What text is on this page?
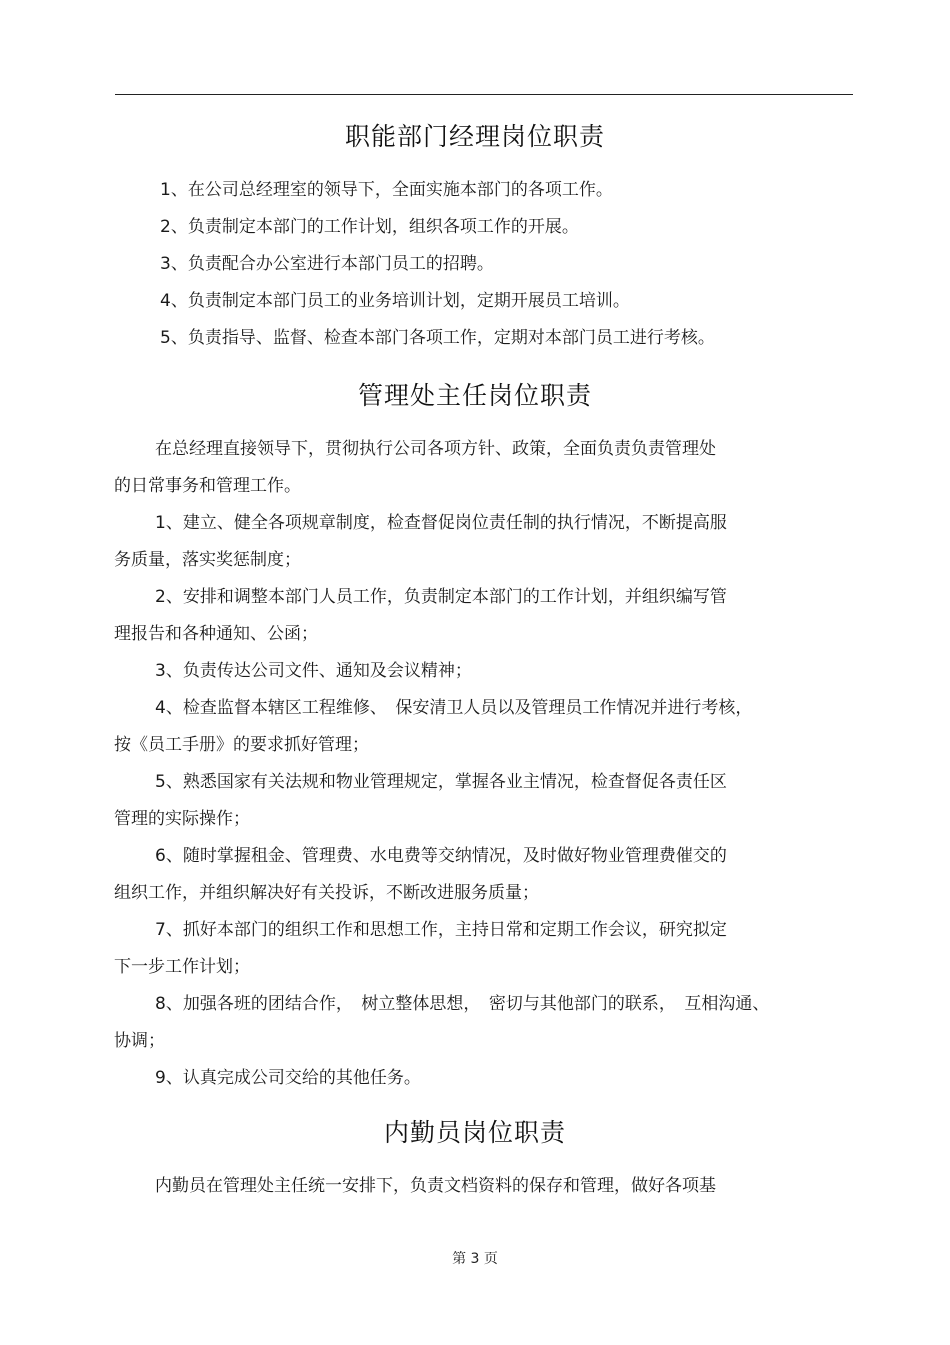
职能部门经理岗位职责
1、在公司总经理室的领导下，全面实施本部门的各项工作。
2、负责制定本部门的工作计划，组织各项工作的开展。
3、负责配合办公室进行本部门员工的招聘。
4、负责制定本部门员工的业务培训计划，定期开展员工培训。
5、负责指导、监督、检查本部门各项工作，定期对本部门员工进行考核。
管理处主任岗位职责
在总经理直接领导下，贯彻执行公司各项方针、政策，全面负责负责管理处
的日常事务和管理工作。
1、建立、健全各项规章制度，检查督促岗位责任制的执行情况，不断提高服
务质量，落实奖惩制度；
2、安排和调整本部门人员工作，负责制定本部门的工作计划，并组织编写管
理报告和各种通知、公函；
3、负责传达公司文件、通知及会议精神；
4、检查监督本辖区工程维修、　保安清卫人员以及管理员工作情况并进行考核，
按《员工手册》的要求抓好管理；
5、熟悉国家有关法规和物业管理规定，掌握各业主情况，检查督促各责任区
管理的实际操作；
6、随时掌握租金、管理费、水电费等交纳情况，及时做好物业管理费催交的
组织工作，并组织解决好有关投诉，不断改进服务质量；
7、抓好本部门的组织工作和思想工作，主持日常和定期工作会议，研究拟定
下一步工作计划；
8、加强各班的团结合作，　树立整体思想，　密切与其他部门的联系，　互相沟通、
协调；
9、认真完成公司交给的其他任务。
内勤员岗位职责
内勤员在管理处主任统一安排下，负责文档资料的保存和管理，做好各项基
第 3 页
